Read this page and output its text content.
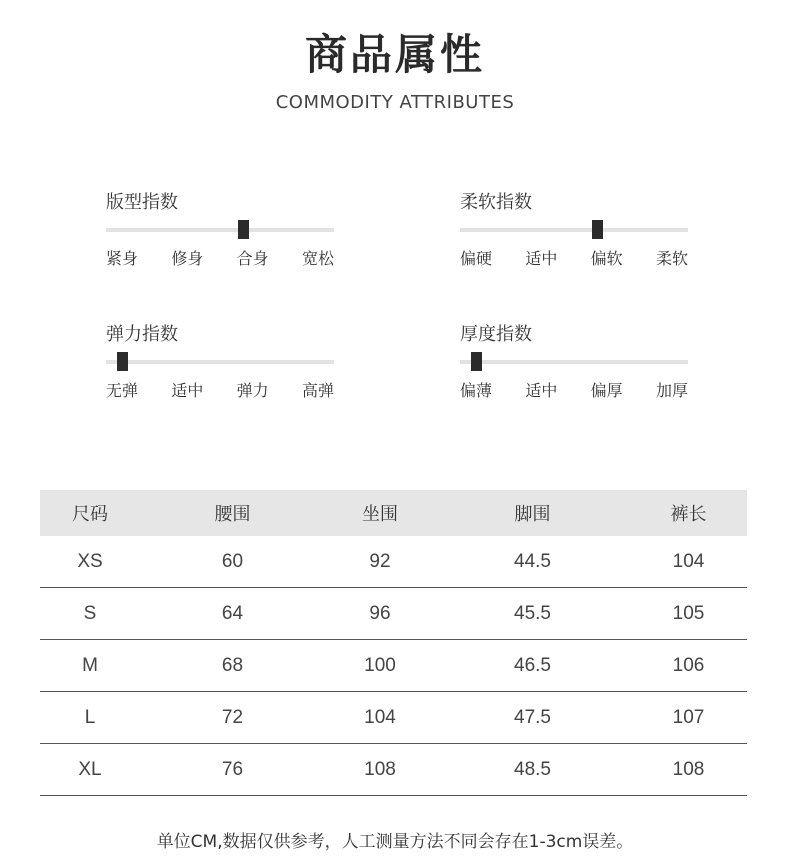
商品属性
COMMODITY ATTRIBUTES
版型指数
紧身 修身 合身 宽松
柔软指数
偏硬 适中 偏软 柔软
弹力指数
无弹 适中 弹力 高弹
厚度指数
偏薄 适中 偏厚 加厚
尺码	腰围	坐围	脚围	裤长
XS	60	92	44.5	104
S	64	96	45.5	105
M	68	100	46.5	106
L	72	104	47.5	107
XL	76	108	48.5	108
单位CM,数据仅供参考，人工测量方法不同会存在1-3cm误差。
